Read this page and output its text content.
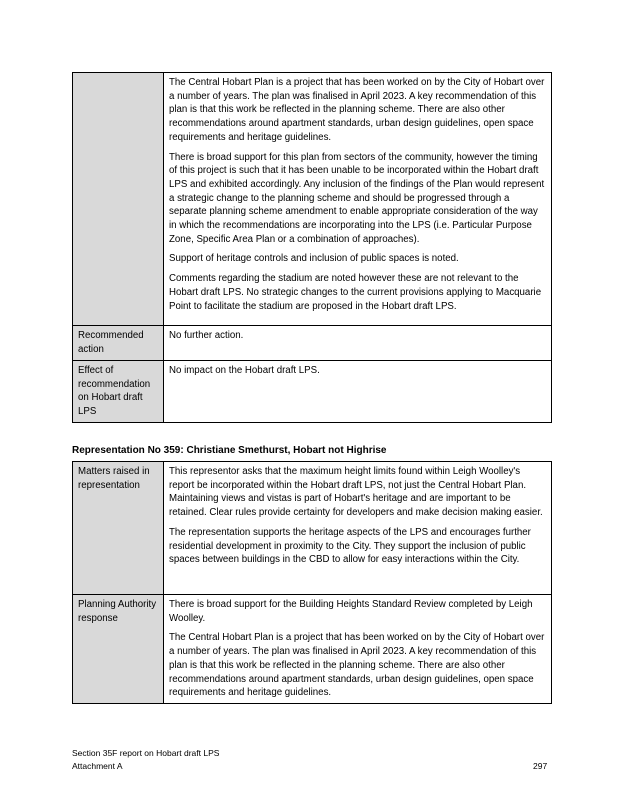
	The Central Hobart Plan is a project that has been worked on by the City of Hobart over a number of years. The plan was finalised in April 2023. A key recommendation of this plan is that this work be reflected in the planning scheme. There are also other recommendations around apartment standards, urban design guidelines, open space requirements and heritage guidelines.

There is broad support for this plan from sectors of the community, however the timing of this project is such that it has been unable to be incorporated within the Hobart draft LPS and exhibited accordingly. Any inclusion of the findings of the Plan would represent a strategic change to the planning scheme and should be progressed through a separate planning scheme amendment to enable appropriate consideration of the way in which the recommendations are incorporating into the LPS (i.e. Particular Purpose Zone, Specific Area Plan or a combination of approaches).

Support of heritage controls and inclusion of public spaces is noted.

Comments regarding the stadium are noted however these are not relevant to the Hobart draft LPS. No strategic changes to the current provisions applying to Macquarie Point to facilitate the stadium are proposed in the Hobart draft LPS.

Recommended action	No further action.

Effect of recommendation on Hobart draft LPS	No impact on the Hobart draft LPS.

Representation No 359: Christiane Smethurst, Hobart not Highrise
Matters raised in representation	This representor asks that the maximum height limits found within Leigh Woolley's report be incorporated within the Hobart draft LPS, not just the Central Hobart Plan. Maintaining views and vistas is part of Hobart's heritage and are important to be retained. Clear rules provide certainty for developers and make decision making easier.

The representation supports the heritage aspects of the LPS and encourages further residential development in proximity to the City. They support the inclusion of public spaces between buildings in the CBD to allow for easy interactions within the City.

Planning Authority response	There is broad support for the Building Heights Standard Review completed by Leigh Woolley.

The Central Hobart Plan is a project that has been worked on by the City of Hobart over a number of years. The plan was finalised in April 2023. A key recommendation of this plan is that this work be reflected in the planning scheme. There are also other recommendations around apartment standards, urban design guidelines, open space requirements and heritage guidelines.

Section 35F report on Hobart draft LPS
Attachment A	297
